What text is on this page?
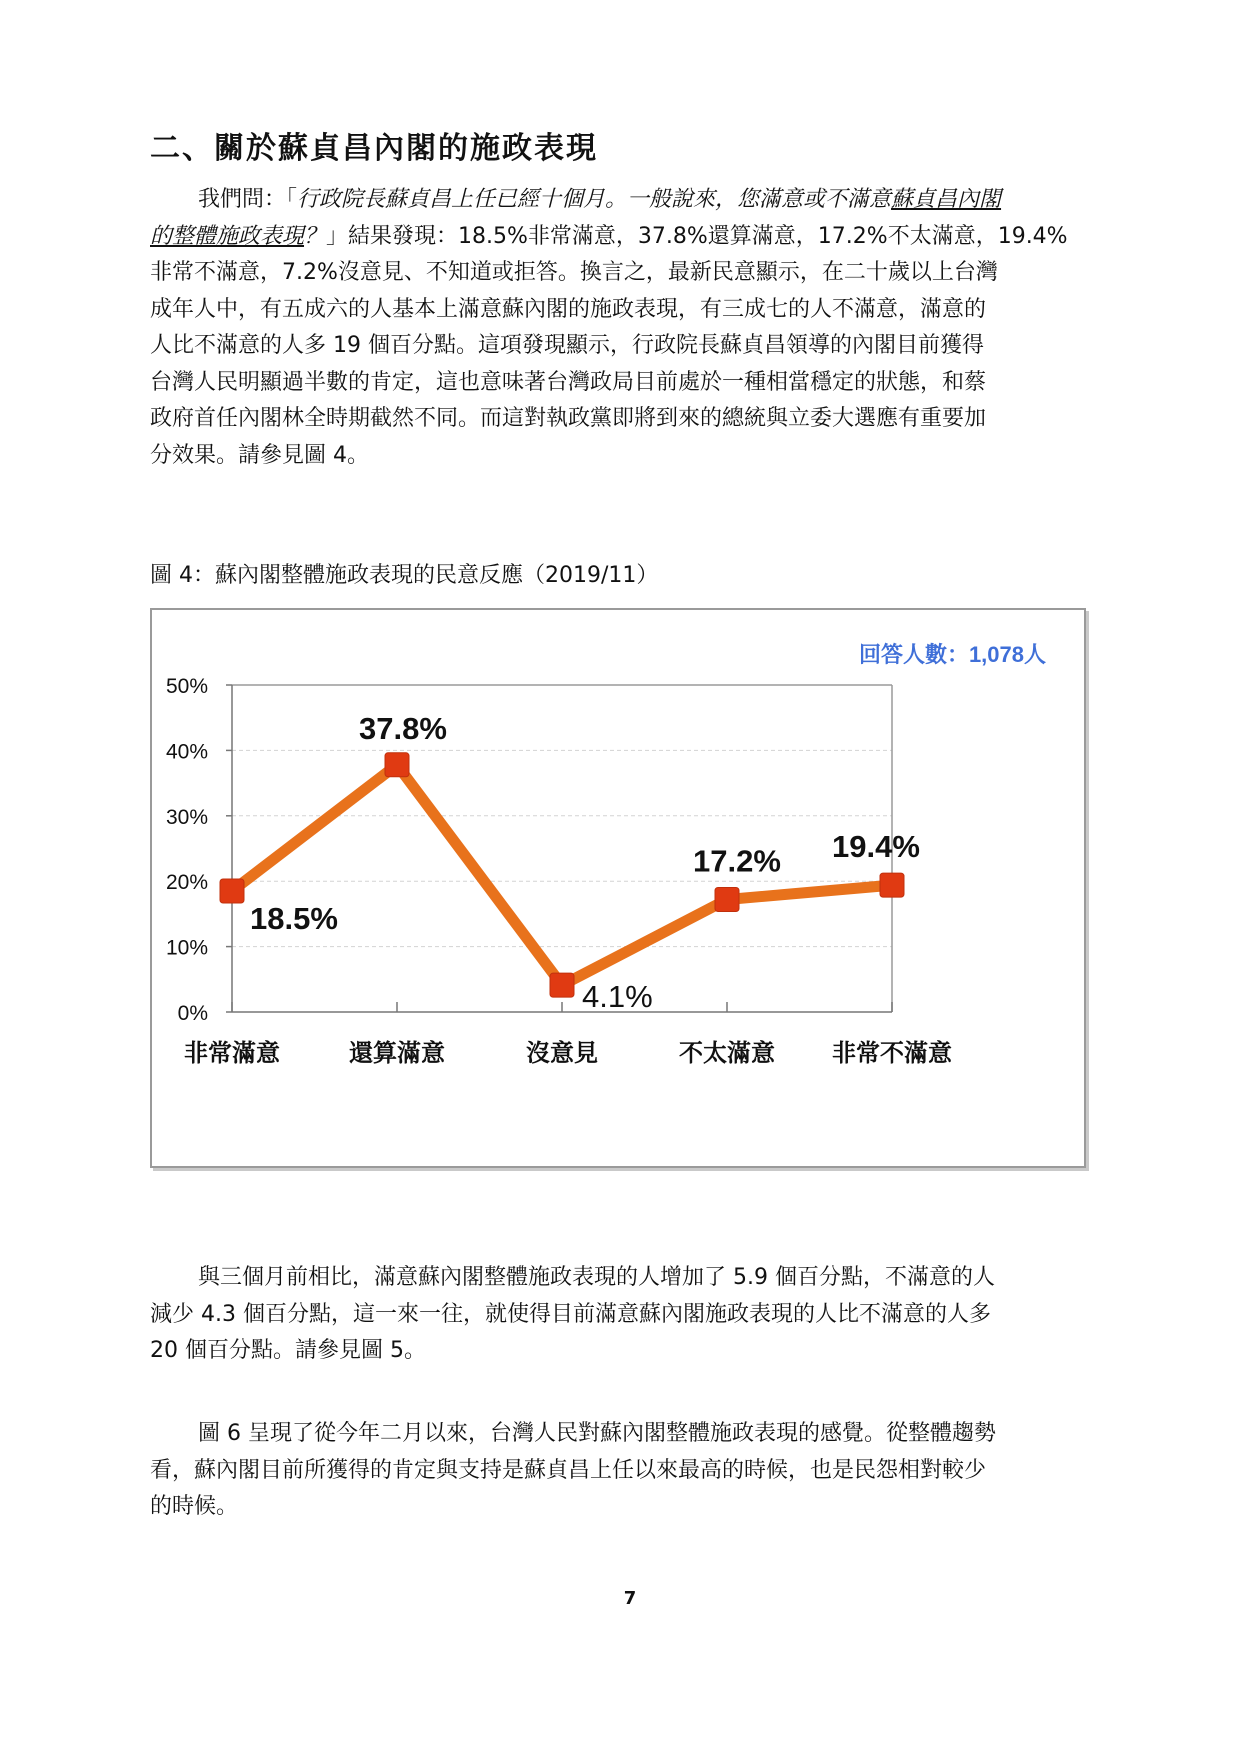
二、關於蘇貞昌內閣的施政表現

我們問：「行政院長蘇貞昌上任已經十個月。一般說來，您滿意或不滿意蘇貞昌內閣
的整體施政表現？」結果發現：18.5%非常滿意，37.8%還算滿意，17.2%不太滿意，19.4%
非常不滿意，7.2%沒意見、不知道或拒答。換言之，最新民意顯示，在二十歲以上台灣
成年人中，有五成六的人基本上滿意蘇內閣的施政表現，有三成七的人不滿意，滿意的
人比不滿意的人多 19 個百分點。這項發現顯示，行政院長蘇貞昌領導的內閣目前獲得
台灣人民明顯過半數的肯定，這也意味著台灣政局目前處於一種相當穩定的狀態，和蔡
政府首任內閣林全時期截然不同。而這對執政黨即將到來的總統與立委大選應有重要加
分效果。請參見圖 4。

圖 4：蘇內閣整體施政表現的民意反應（2019/11）

回答人數：1,078人
0%
10%
20%
30%
40%
50%
非常滿意	還算滿意	沒意見	不太滿意 非常不滿意
18.5%
37.8%
4.1%
17.2% 19.4%

與三個月前相比，滿意蘇內閣整體施政表現的人增加了 5.9 個百分點，不滿意的人
減少 4.3 個百分點，這一來一往，就使得目前滿意蘇內閣施政表現的人比不滿意的人多
20 個百分點。請參見圖 5。

圖 6 呈現了從今年二月以來，台灣人民對蘇內閣整體施政表現的感覺。從整體趨勢
看，蘇內閣目前所獲得的肯定與支持是蘇貞昌上任以來最高的時候，也是民怨相對較少
的時候。

7
